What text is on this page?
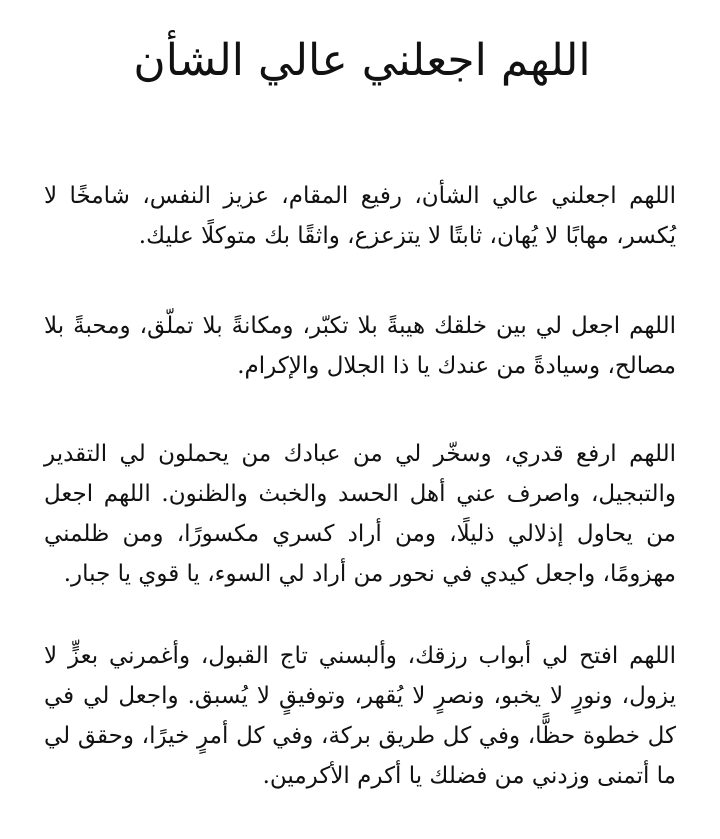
اللهم اجعلني عالي الشأن

اللهم اجعلني عالي الشأن، رفيع المقام، عزيز النفس، شامخًا لا يُكسر، مهابًا لا يُهان، ثابتًا لا يتزعزع، واثقًا بك متوكلًا عليك.

اللهم اجعل لي بين خلقك هيبةً بلا تكبّر، ومكانةً بلا تملّق، ومحبةً بلا مصالح، وسيادةً من عندك يا ذا الجلال والإكرام.

اللهم ارفع قدري، وسخّر لي من عبادك من يحملون لي التقدير والتبجيل، واصرف عني أهل الحسد والخبث والظنون. اللهم اجعل من يحاول إذلالي ذليلًا، ومن أراد كسري مكسورًا، ومن ظلمني مهزومًا، واجعل كيدي في نحور من أراد لي السوء، يا قوي يا جبار.

اللهم افتح لي أبواب رزقك، وألبسني تاج القبول، وأغمرني بعزٍّ لا يزول، ونورٍ لا يخبو، ونصرٍ لا يُقهر، وتوفيقٍ لا يُسبق. واجعل لي في كل خطوة حظًّا، وفي كل طريق بركة، وفي كل أمرٍ خيرًا، وحقق لي ما أتمنى وزدني من فضلك يا أكرم الأكرمين.
